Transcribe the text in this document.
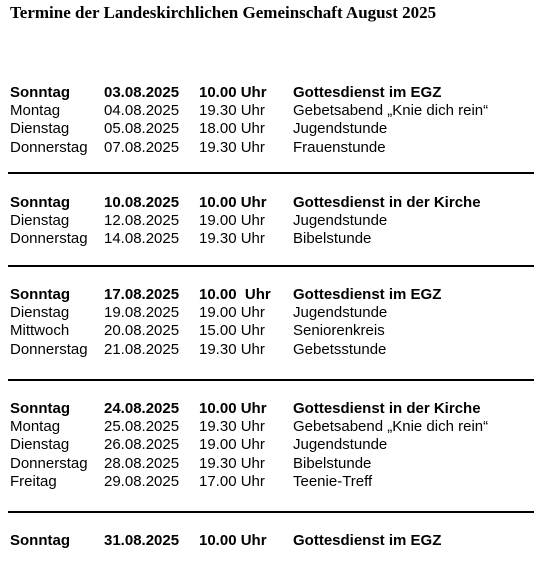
Termine der Landeskirchlichen Gemeinschaft August 2025
Sonntag 03.08.2025 10.00 Uhr Gottesdienst im EGZ
Montag	04.08.2025 19.30 Uhr Gebetsabend „Knie dich rein“
Dienstag 05.08.2025 18.00 Uhr Jugendstunde
Donnerstag 07.08.2025 19.30 Uhr Frauenstunde
Sonntag 10.08.2025 10.00 Uhr Gottesdienst in der Kirche
Dienstag 12.08.2025 19.00 Uhr Jugendstunde
Donnerstag 14.08.2025 19.30 Uhr Bibelstunde
Sonntag 17.08.2025 10.00  Uhr Gottesdienst im EGZ
Dienstag 19.08.2025 19.00 Uhr Jugendstunde
Mittwoch 20.08.2025 15.00 Uhr Seniorenkreis
Donnerstag 21.08.2025 19.30 Uhr Gebetsstunde
Sonntag 24.08.2025 10.00 Uhr Gottesdienst in der Kirche
Montag	25.08.2025 19.30 Uhr Gebetsabend „Knie dich rein“
Dienstag 26.08.2025 19.00 Uhr Jugendstunde
Donnerstag 28.08.2025 19.30 Uhr Bibelstunde
Freitag	29.08.2025 17.00 Uhr Teenie-Treff
Sonntag 31.08.2025 10.00 Uhr Gottesdienst im EGZ
